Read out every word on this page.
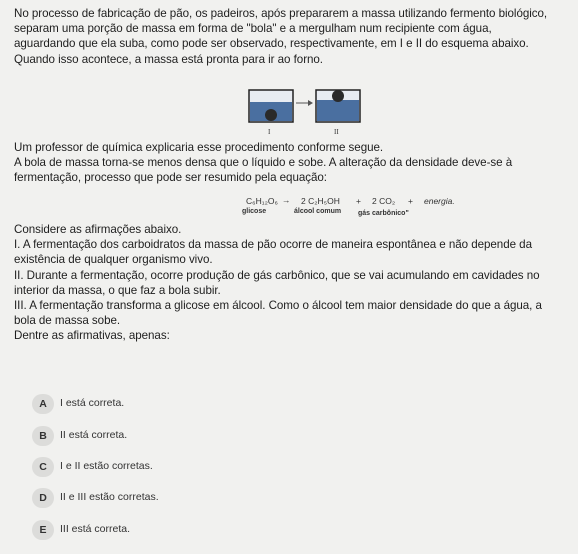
No processo de fabricação de pão, os padeiros, após prepararem a massa utilizando fermento biológico,
separam uma porção de massa em forma de "bola" e a mergulham num recipiente com água,
aguardando que ela suba, como pode ser observado, respectivamente, em I e II do esquema abaixo.
Quando isso acontece, a massa está pronta para ir ao forno.
I	II
Um professor de química explicaria esse procedimento conforme segue.
A bola de massa torna-se menos densa que o líquido e sobe. A alteração da densidade deve-se à
fermentação, processo que pode ser resumido pela equação:
C₆H₁₂O₆ → 2 C₂H₅OH + 2 CO₂ + energia.
glicose	álcool comum gás carbônico"
Considere as afirmações abaixo.
I. A fermentação dos carboidratos da massa de pão ocorre de maneira espontânea e não depende da
existência de qualquer organismo vivo.
II. Durante a fermentação, ocorre produção de gás carbônico, que se vai acumulando em cavidades no
interior da massa, o que faz a bola subir.
III. A fermentação transforma a glicose em álcool. Como o álcool tem maior densidade do que a água, a
bola de massa sobe.
Dentre as afirmativas, apenas:
A	I está correta.
B	II está correta.
C	I e II estão corretas.
D	II e III estão corretas.
E	III está correta.
